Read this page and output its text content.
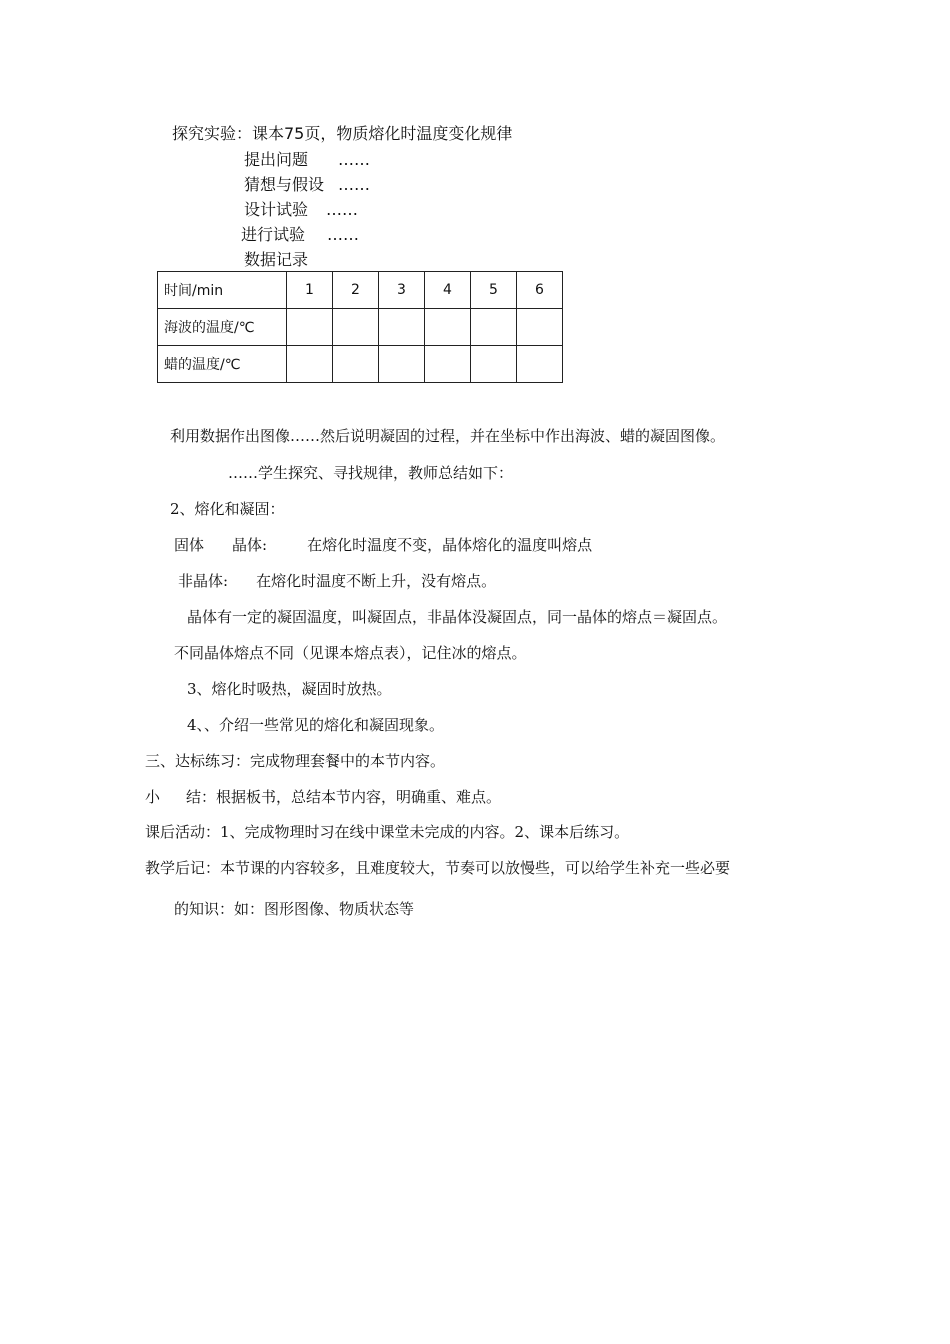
探究实验：课本75页，物质熔化时温度变化规律
提出问题 ……
猜想与假设 ……
设计试验 ……
进行试验 ……
数据记录
时间/min	1	2	3	4	5	6
海波的温度/℃						
蜡的温度/℃						
利用数据作出图像……然后说明凝固的过程，并在坐标中作出海波、蜡的凝固图像。
……学生探究、寻找规律，教师总结如下：
2、熔化和凝固：
固体 晶体:	在熔化时温度不变，晶体熔化的温度叫熔点
非晶体: 在熔化时温度不断上升，没有熔点。
晶体有一定的凝固温度，叫凝固点，非晶体没凝固点，同一晶体的熔点＝凝固点。
不同晶体熔点不同（见课本熔点表），记住冰的熔点。
3、熔化时吸热，凝固时放热。
4、、介绍一些常见的熔化和凝固现象。
三、达标练习：完成物理套餐中的本节内容。
小 结：根据板书，总结本节内容，明确重、难点。
课后活动：1、完成物理时习在线中课堂未完成的内容。2、课本后练习。
教学后记：本节课的内容较多，且难度较大，节奏可以放慢些，可以给学生补充一些必要
的知识：如：图形图像、物质状态等
